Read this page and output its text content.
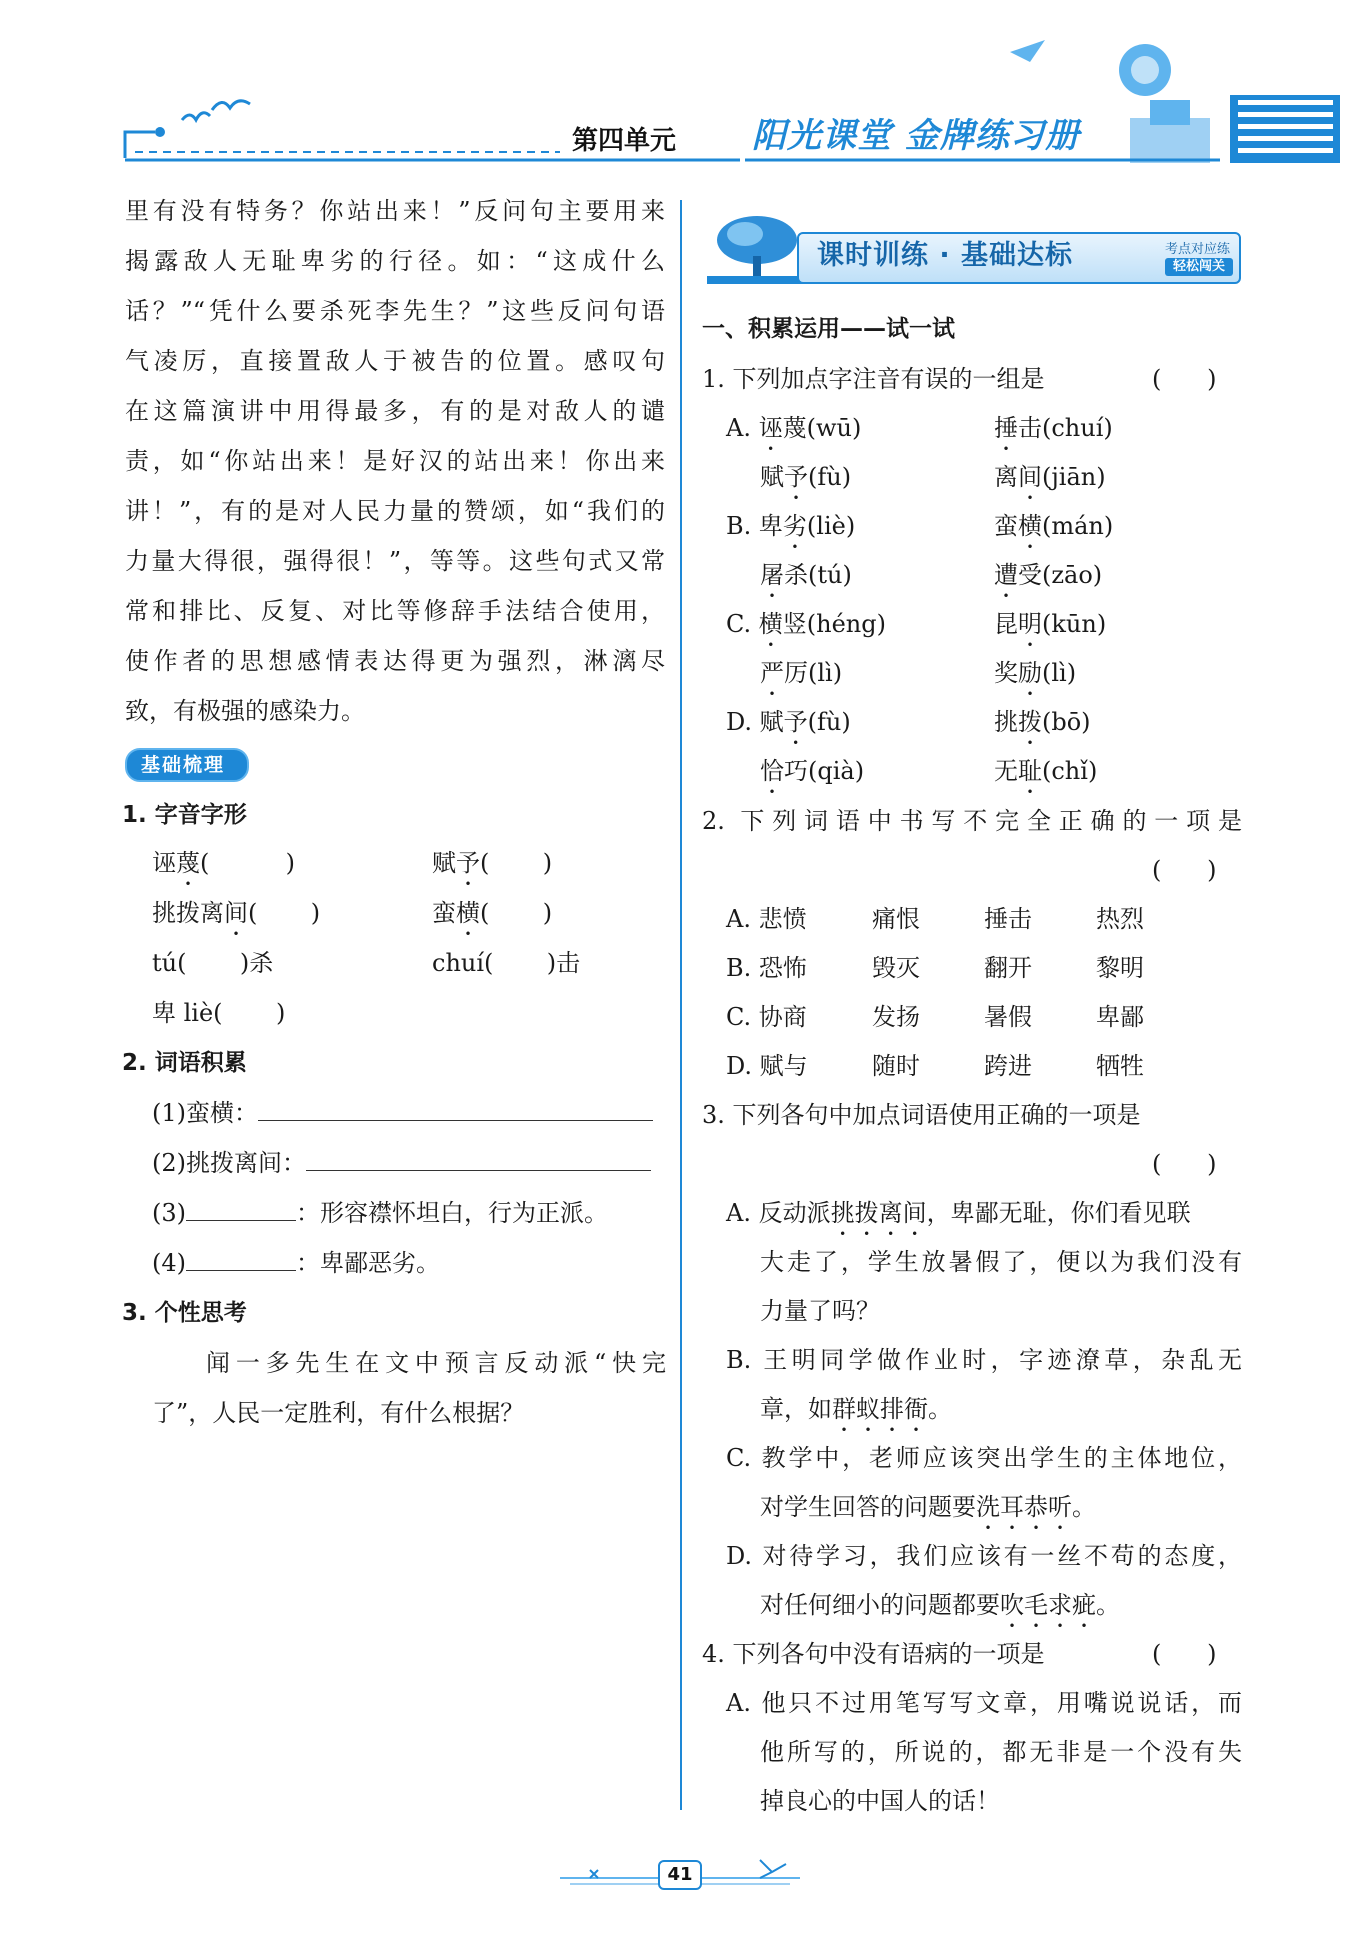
第四单元 阳光课堂 金牌练习册
里有没有特务？你站出来！”反问句主要用来
揭露敌人无耻卑劣的行径。如：“这成什么
话？”“凭什么要杀死李先生？”这些反问句语
气凌厉，直接置敌人于被告的位置。感叹句
在这篇演讲中用得最多，有的是对敌人的谴
责，如“你站出来！是好汉的站出来！你出来
讲！”，有的是对人民力量的赞颂，如“我们的
力量大得很，强得很！”，等等。这些句式又常
常和排比、反复、对比等修辞手法结合使用，
使作者的思想感情表达得更为强烈，淋漓尽
致，有极强的感染力。
基础梳理
1. 字音字形
诬蔑(          )	赋予(       )
挑拨离间(       )	蛮横(       )
tú(       )杀	chuí(       )击
卑 liè(       )
2. 词语积累
(1)蛮横：
(2)挑拨离间：
(3)	：形容襟怀坦白，行为正派。
(4)	：卑鄙恶劣。
3. 个性思考
闻一多先生在文中预言反动派“快完
了”，人民一定胜利，有什么根据？
课时训练 · 基础达标	考点对应练
轻松闯关
一、积累运用——试一试
1. 下列加点字注音有误的一组是	(      )
A. 诬蔑(wū)	捶击(chuí)
赋予(fù)	离间(jiān)
B. 卑劣(liè)	蛮横(mán)
屠杀(tú)	遭受(zāo)
C. 横竖(héng)	昆明(kūn)
严厉(lì)	奖励(lì)
D. 赋予(fù)	挑拨(bō)
恰巧(qià)	无耻(chǐ)
2. 下列词语中书写不完全正确的一项是
(      )
A. 悲愤	痛恨	捶击	热烈
B. 恐怖	毁灭	翻开	黎明
C. 协商	发扬	暑假	卑鄙
D. 赋与	随时	跨进	牺牲
3. 下列各句中加点词语使用正确的一项是
(      )
A. 反动派挑拨离间，卑鄙无耻，你们看见联
大走了，学生放暑假了，便以为我们没有
力量了吗？
B. 王明同学做作业时，字迹潦草，杂乱无
章，如群蚁排衙。
C. 教学中，老师应该突出学生的主体地位，
对学生回答的问题要洗耳恭听。
D. 对待学习，我们应该有一丝不苟的态度，
对任何细小的问题都要吹毛求疵。
4. 下列各句中没有语病的一项是	(      )
A. 他只不过用笔写写文章，用嘴说说话，而
他所写的，所说的，都无非是一个没有失
掉良心的中国人的话！
41
